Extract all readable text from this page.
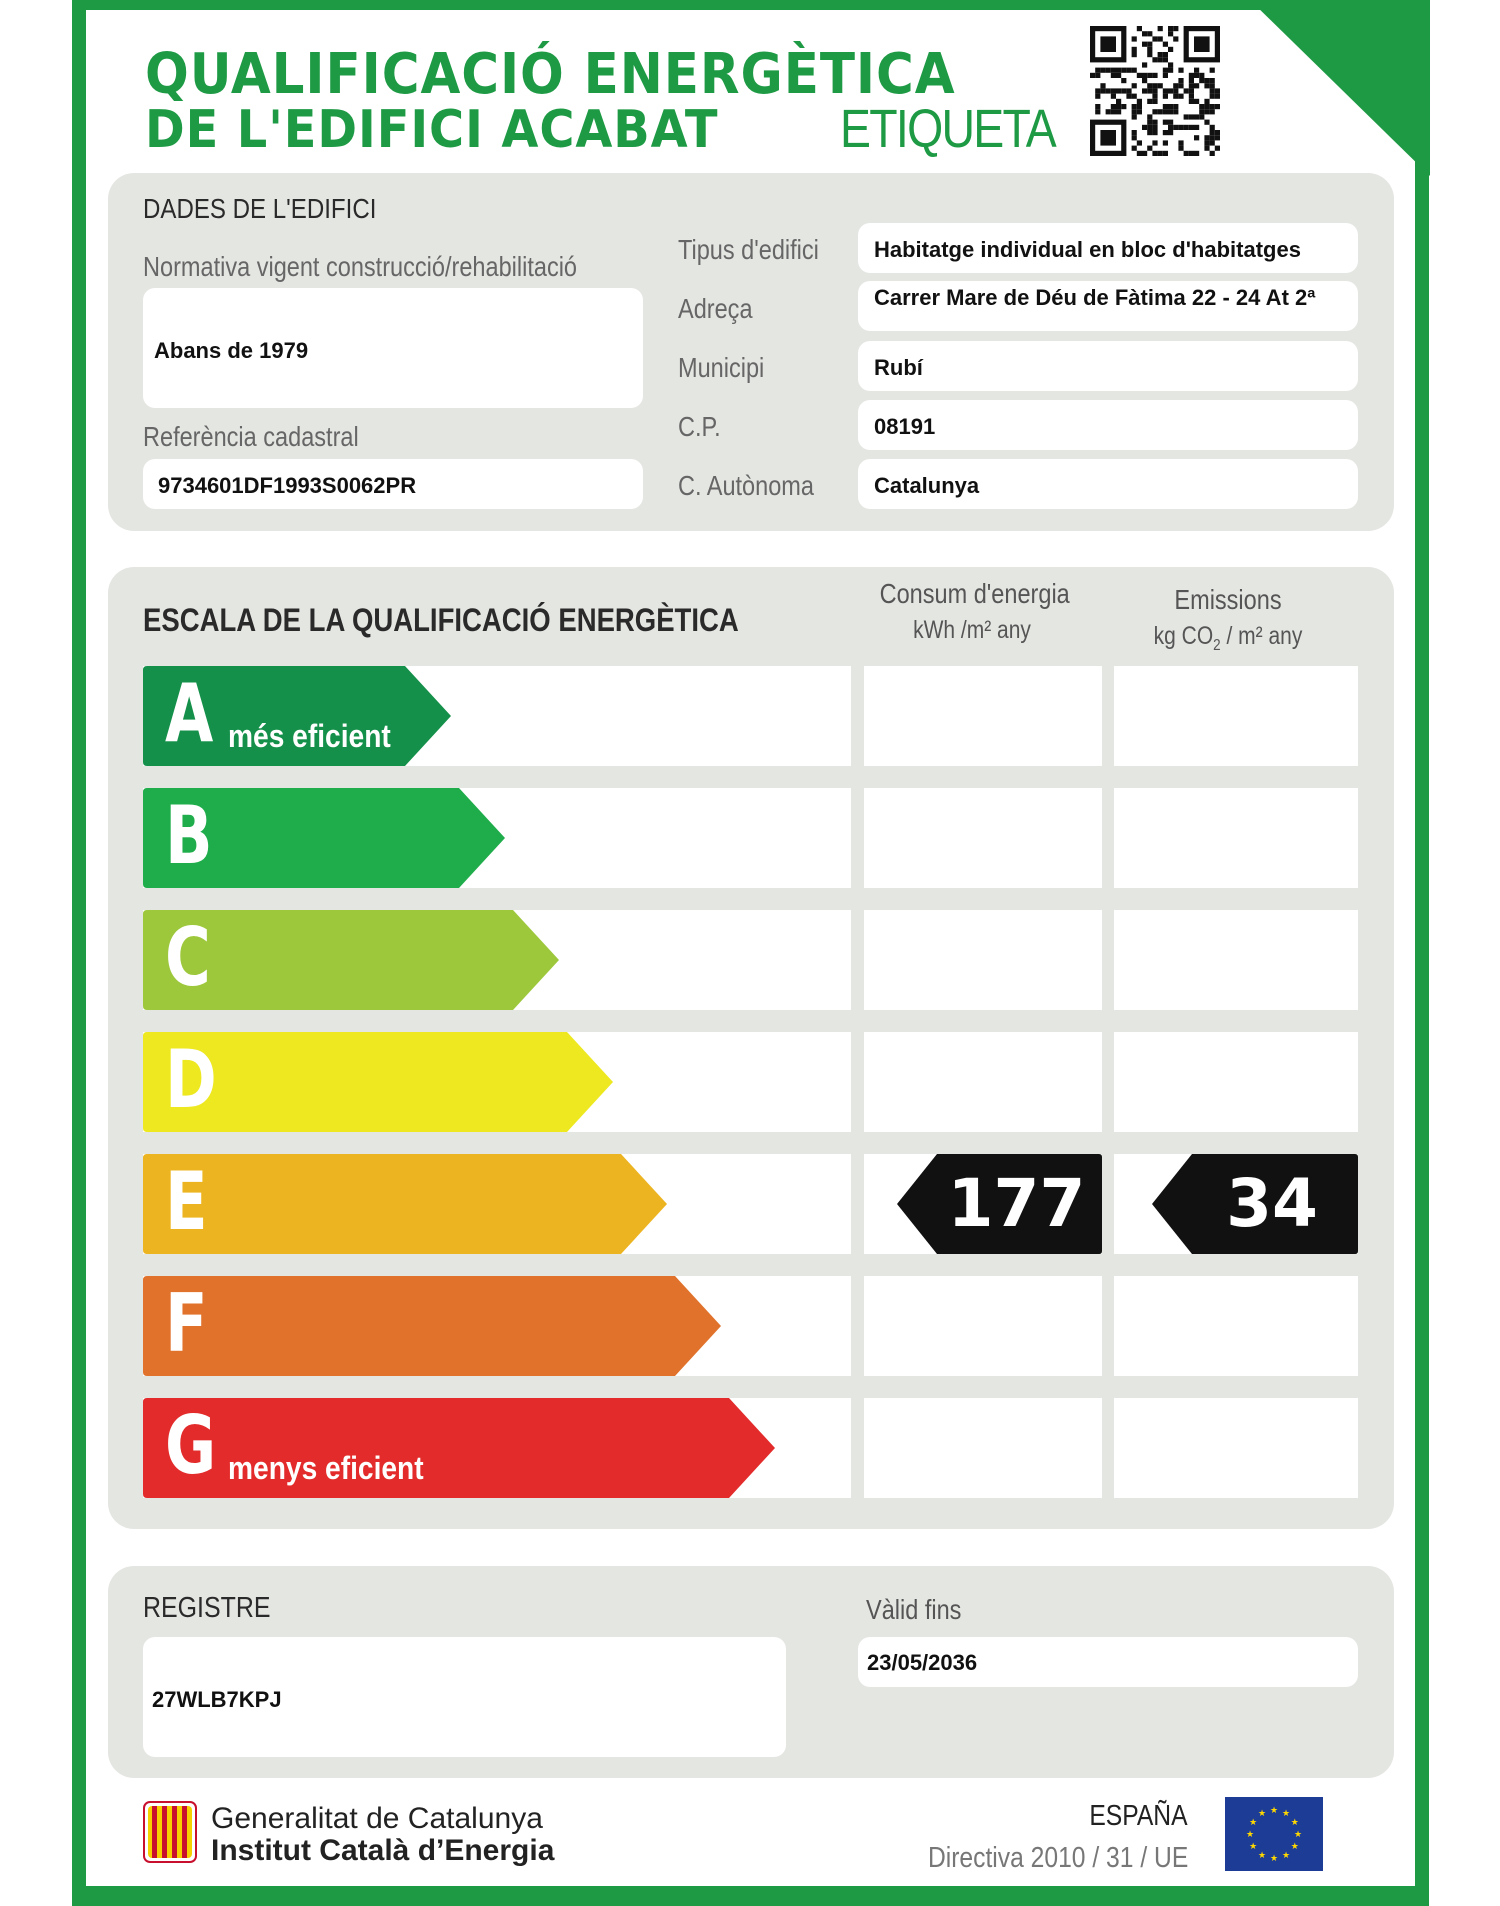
QUALIFICACIÓ ENERGÈTICA
DE L'EDIFICI ACABAT ETIQUETA
DADES DE L'EDIFICI
Normativa vigent construcció/rehabilitació
Abans de 1979
Referència cadastral
9734601DF1993S0062PR
Tipus d'edifici	Habitatge individual en bloc d'habitatges
Adreça	Carrer Mare de Déu de Fàtima 22 - 24 At 2ª
Municipi	Rubí
C.P.	08191
C. Autònoma	Catalunya
ESCALA DE LA QUALIFICACIÓ ENERGÈTICA
Consum d'energia
kWh /m² any
Emissions
kg $CO_2 / m^2$ any
A més eficient
B
C
D
E	177	34
F
G menys eficient
REGISTRE
27WLB7KPJ
Vàlid fins
23/05/2036
Generalitat de Catalunya
Institut Català d’Energia
ESPAÑA
Directiva 2010 / 31 / UE
★
★
★
★
★
★
★
★
★ ★ ★
★
